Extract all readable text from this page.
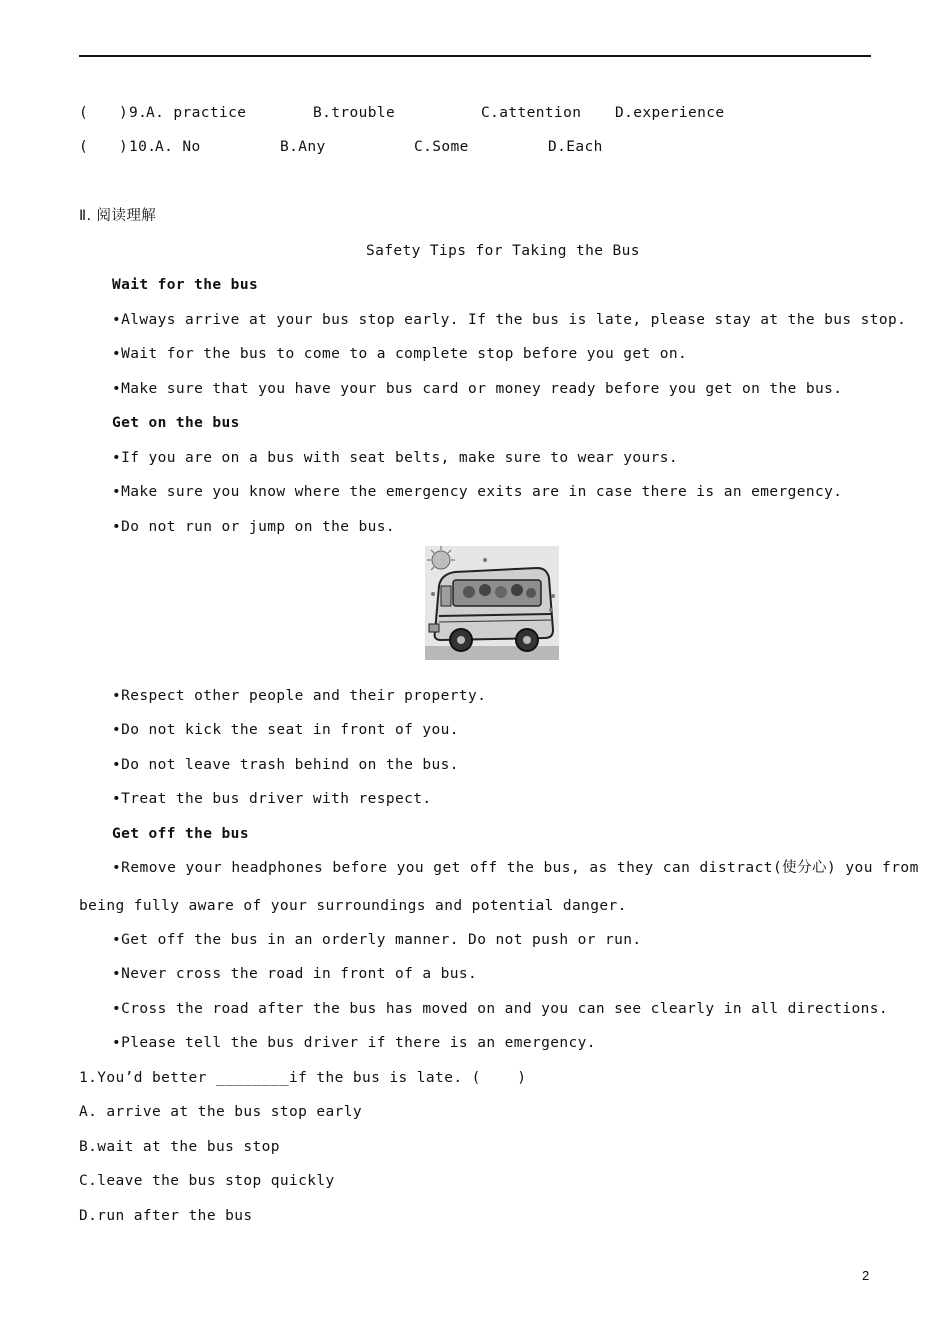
( ) 9.
A. practice	B.trouble	C.attention D.experience
( ) 10.
A. No	B.Any	C.Some	D.Each
Ⅱ. 阅读理解
Safety Tips for Taking the Bus
Wait for the bus
•Always arrive at your bus stop early. If the bus is late, please stay at the bus stop.
•Wait for the bus to come to a complete stop before you get on.
•Make sure that you have your bus card or money ready before you get on the bus.
Get on the bus
•If you are on a bus with seat belts, make sure to wear yours.
•Make sure you know where the emergency exits are in case there is an emergency.
•Do not run or jump on the bus.
•Respect other people and their property.
•Do not kick the seat in front of you.
•Do not leave trash behind on the bus.
•Treat the bus driver with respect.
Get off the bus
•Remove your headphones before you get off the bus, as they can distract(使分心) you from
being fully aware of your surroundings and potential danger.
•Get off the bus in an orderly manner. Do not push or run.
•Never cross the road in front of a bus.
•Cross the road after the bus has moved on and you can see clearly in all directions.
•Please tell the bus driver if there is an emergency.
1.You’d better ________if the bus is late. (    )
A. arrive at the bus stop early
B.wait at the bus stop
C.leave the bus stop quickly
D.run after the bus
2
